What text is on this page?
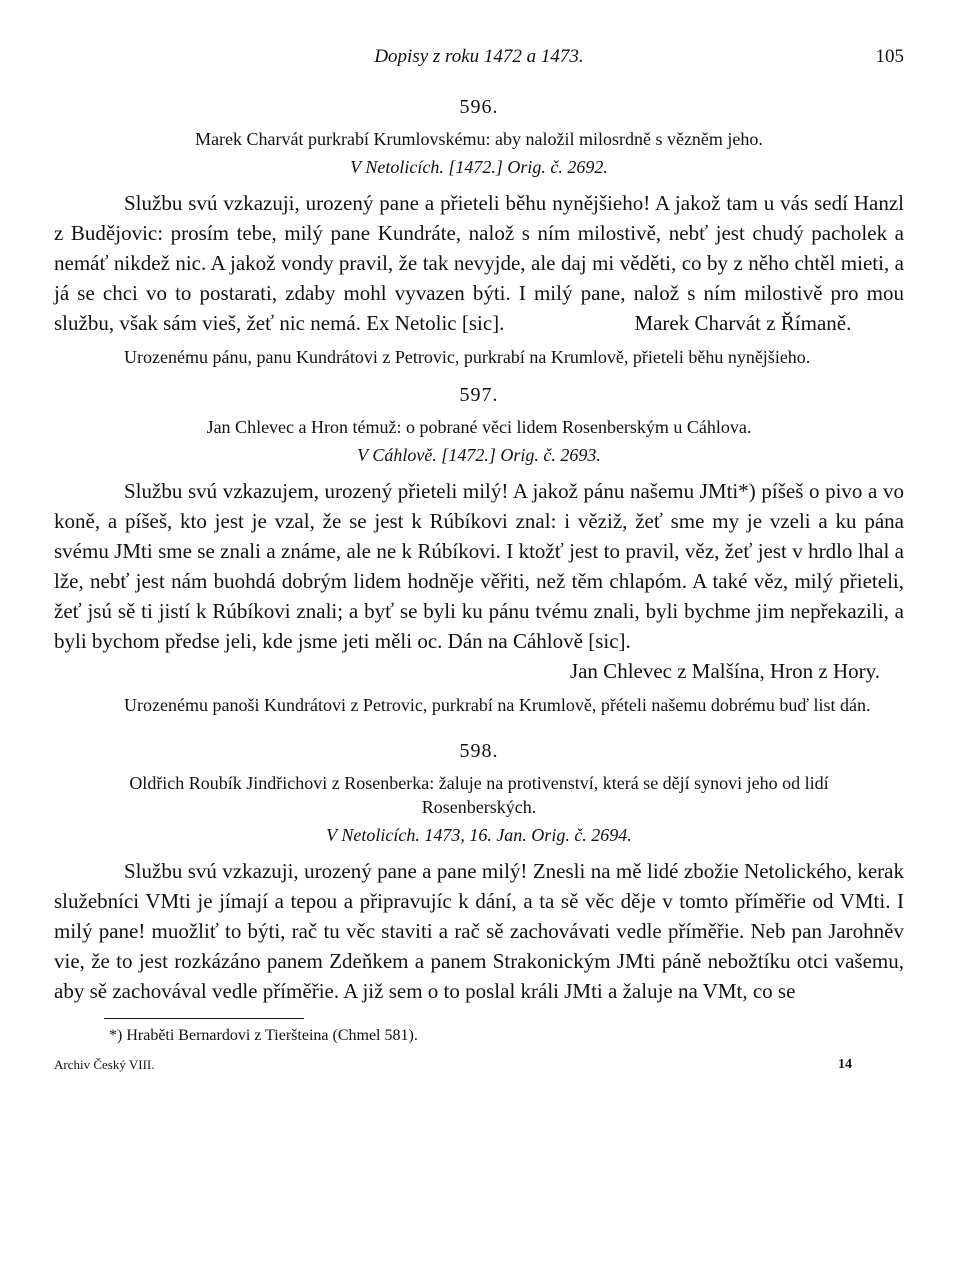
Dopisy z roku 1472 a 1473.	105
596.
Marek Charvát purkrabí Krumlovskému: aby naložil milosrdně s vězněm jeho.
V Netolicích. [1472.] Orig. č. 2692.

Službu svú vzkazuji, urozený pane a přieteli běhu nynějšieho! A jakož tam u vás sedí Hanzl z Budějovic: prosím tebe, milý pane Kundráte, nalož s ním milostivě, nebť jest chudý pacholek a nemáť nikdež nic. A jakož vondy pravil, že tak nevyjde, ale daj mi věděti, co by z něho chtěl mieti, a já se chci vo to postarati, zdaby mohl vyvazen býti. I milý pane, nalož s ním milostivě pro mou službu, však sám vieš, žeť nic nemá. Ex Netolic [sic].	Marek Charvát z Římaně.

Urozenému pánu, panu Kundrátovi z Petrovic, purkrabí na Krumlově, přieteli běhu nynějšieho.

597.
Jan Chlevec a Hron témuž: o pobrané věci lidem Rosenberským u Cáhlova.
V Cáhlově. [1472.] Orig. č. 2693.

Službu svú vzkazujem, urozený přieteli milý! A jakož pánu našemu JMti*) píšeš o pivo a vo koně, a píšeš, kto jest je vzal, že se jest k Rúbíkovi znal: i věziž, žeť sme my je vzeli a ku pána svému JMti sme se znali a známe, ale ne k Rúbíkovi. I ktožť jest to pravil, věz, žeť jest v hrdlo lhal a lže, nebť jest nám buohdá dobrým lidem hodněje věřiti, než těm chlapóm. A také věz, milý přieteli, žeť jsú sě ti jistí k Rúbíkovi znali; a byť se byli ku pánu tvému znali, byli bychme jim nepřekazili, a byli bychom předse jeli, kde jsme jeti měli oc. Dán na Cáhlově [sic].

Jan Chlevec z Malšína, Hron z Hory.

Urozenému panoši Kundrátovi z Petrovic, purkrabí na Krumlově, přételi našemu dobrému buď list dán.

598.
Oldřich Roubík Jindřichovi z Rosenberka: žaluje na protivenství, která se dějí synovi jeho od lidí Rosenberských.
V Netolicích. 1473, 16. Jan. Orig. č. 2694.

Službu svú vzkazuji, urozený pane a pane milý! Znesli na mě lidé zbožie Netolického, kerak služebníci VMti je jímají a tepou a připravujíc k dání, a ta sě věc děje v tomto příměřie od VMti. I milý pane! muožliť to býti, rač tu věc staviti a rač sě zachovávati vedle příměřie. Neb pan Jarohněv vie, že to jest rozkázáno panem Zdeňkem a panem Strakonickým JMti páně nebožtíku otci vašemu, aby sě zachovával vedle příměřie. A již sem o to poslal králi JMti a žaluje na VMt, co se

*) Hraběti Bernardovi z Tieršteina (Chmel 581).
Archiv Český VIII.	14
